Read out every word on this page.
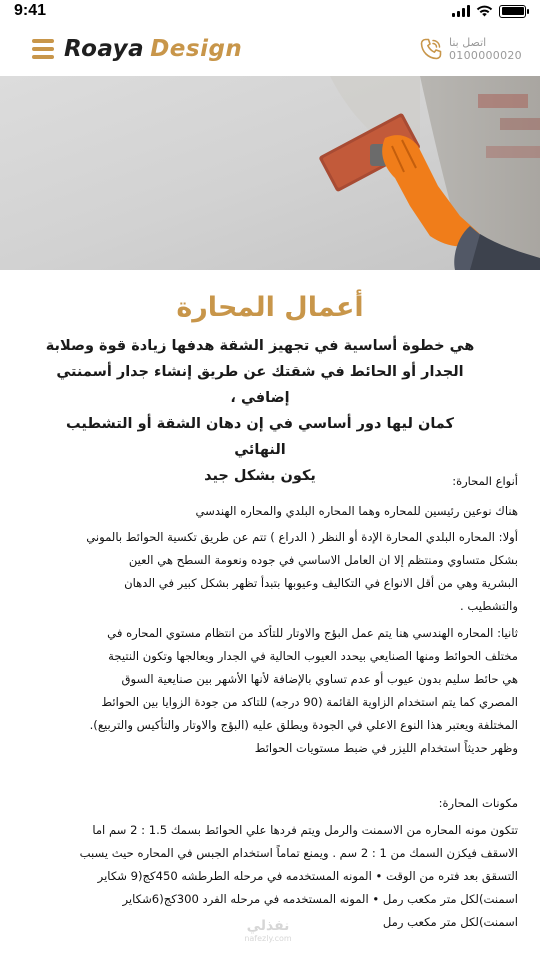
9:41
Roaya Design	اتصل بنا
0100000020
أعمال المحارة
هي خطوة أساسية في تجهيز الشقة هدفها زيادة قوة وصلابة
الجدار أو الحائط في شقتك عن طريق إنشاء جدار أسمنتي إضافي ،
كمان ليها دور أساسي في إن دهان الشقة أو التشطيب النهائي
يكون بشكل جيد	أنواع المحارة:
هناك نوعين رئيسين للمحاره وهما المحاره البلدي والمحاره الهندسي
أولا: المحاره البلدي المحارة الإدة أو النظر ( الدراع ) تتم عن طريق تكسية الحوائط بالموني
بشكل متساوي ومنتظم إلا ان العامل الاساسي في جوده ونعومة السطح هي العين
البشرية وهي من أقل الانواع في التكاليف وعيوبها بتبدأ تظهر بشكل كبير في الدهان
والتشطيب .
ثانيا: المحاره الهندسي هنا يتم عمل البؤج والاوتار للتأكد من انتظام مستوي المحاره في
مختلف الحوائط ومنها الصنايعي بيحدد العيوب الحالية في الجدار ويعالجها وتكون النتيجة
هي حائط سليم بدون عيوب أو عدم تساوي بالإضافة لأنها الأشهر بين صنايعية السوق
المصري كما يتم استخدام الزاوية القائمة (90 درجه) للتاكد من جودة الزوايا بين الحوائط
المختلفة ويعتبر هذا النوع الاعلي في الجودة ويطلق عليه (البؤج والاوتار والتأكيس والتربيع).
وظهر حديثاً استخدام الليزر في ضبط مستويات الحوائط
مكونات المحارة:
تتكون مونه المحاره من الاسمنت والرمل ويتم فردها علي الحوائط بسمك 1.5 : 2 سم اما
الاسقف فيكزن السمك من 1 : 2 سم . ويمنع تماماً استخدام الجبس في المحاره حيث يسبب
التسقق بعد فتره من الوقت • المونه المستخدمه في مرحله الطرطشه 450كج(9 شكاير
اسمنت)لكل متر مكعب رمل • المونه المستخدمه في مرحله الفرد 300كج(6شكاير
اسمنت)لكل متر مكعب رمل
نفذلي
nafezly.com
